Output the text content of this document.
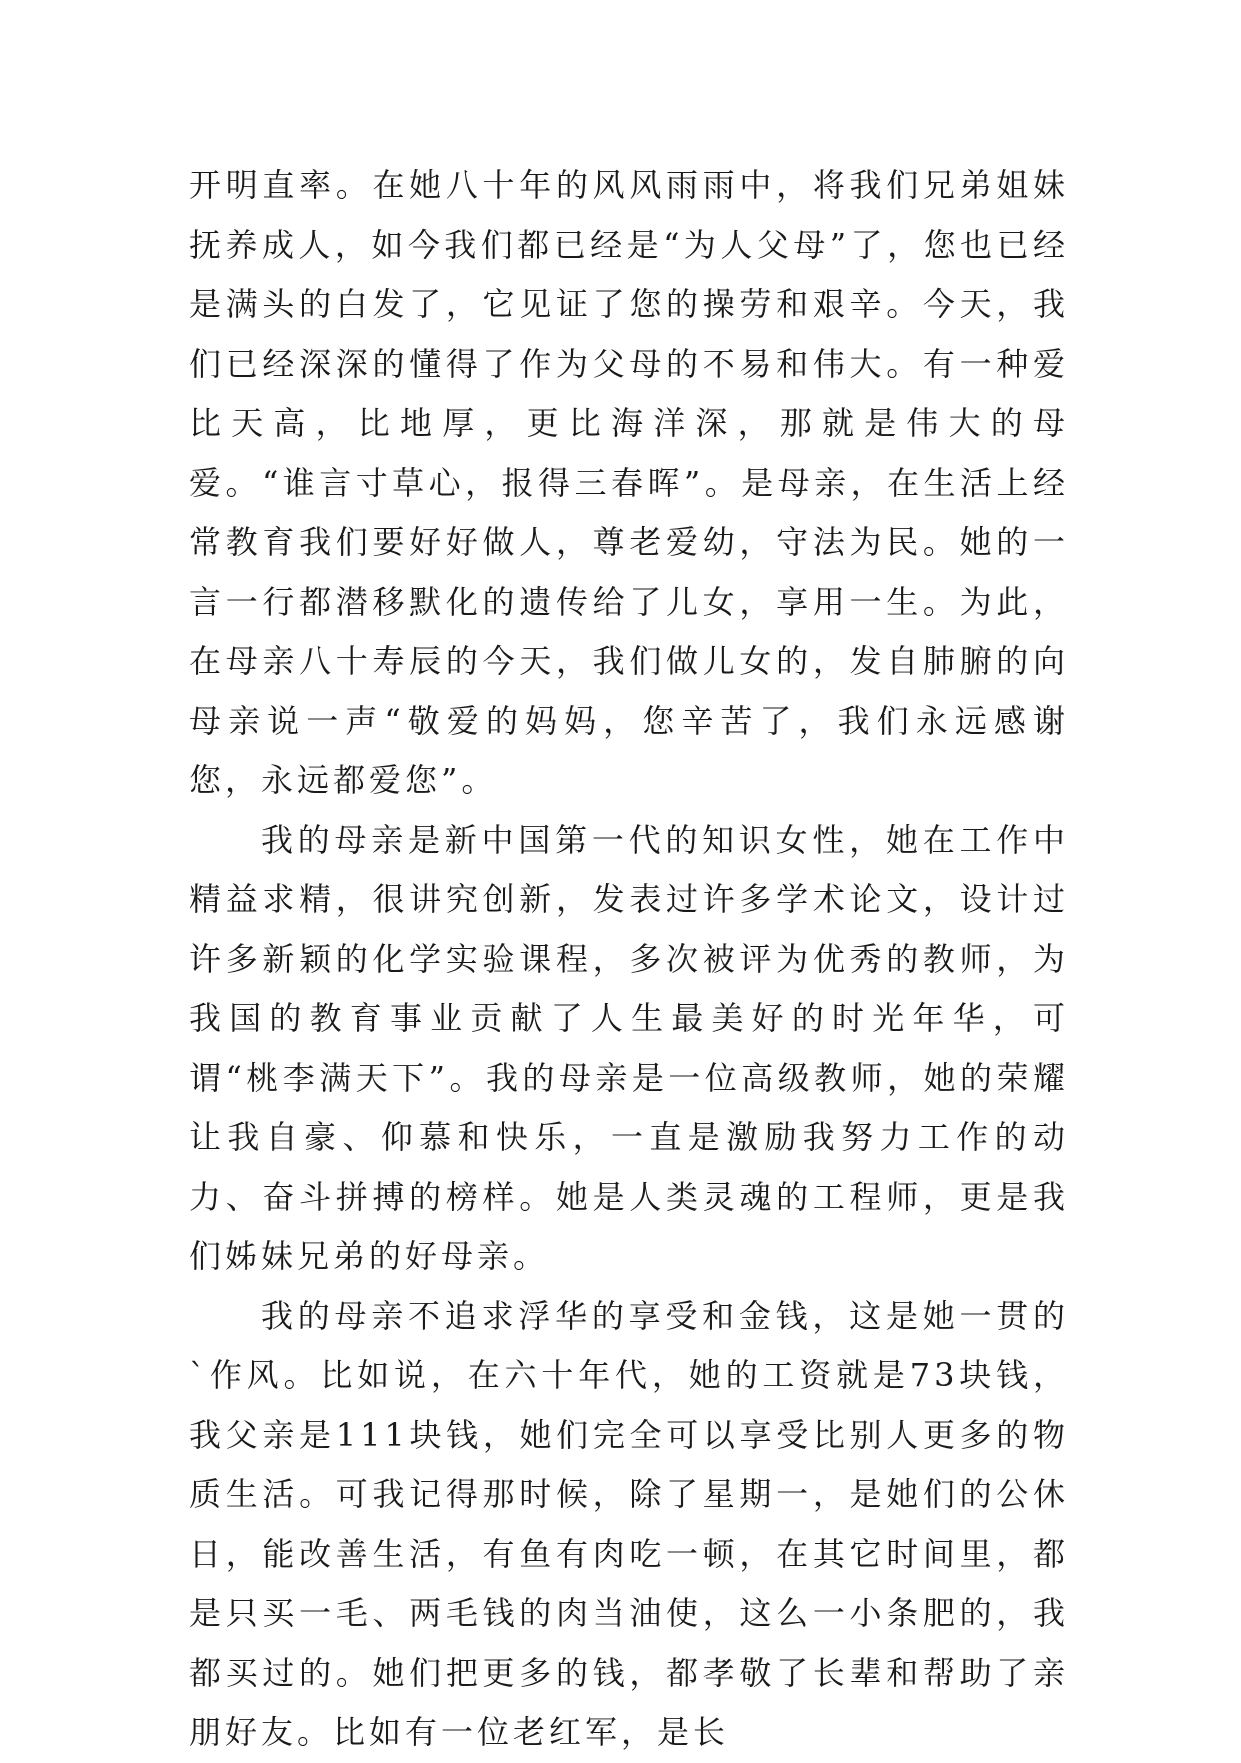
开明直率。在她八十年的风风雨雨中，将我们兄弟姐妹抚养成人，如今我们都已经是“为人父母”了，您也已经是满头的白发了，它见证了您的操劳和艰辛。今天，我们已经深深的懂得了作为父母的不易和伟大。有一种爱比天高，比地厚，更比海洋深，那就是伟大的母爱。“谁言寸草心，报得三春晖”。是母亲，在生活上经常教育我们要好好做人，尊老爱幼，守法为民。她的一言一行都潜移默化的遗传给了儿女，享用一生。为此，在母亲八十寿辰的今天，我们做儿女的，发自肺腑的向母亲说一声“敬爱的妈妈，您辛苦了，我们永远感谢您，永远都爱您”。

我的母亲是新中国第一代的知识女性，她在工作中精益求精，很讲究创新，发表过许多学术论文，设计过许多新颖的化学实验课程，多次被评为优秀的教师，为我国的教育事业贡献了人生最美好的时光年华，可谓“桃李满天下”。我的母亲是一位高级教师，她的荣耀让我自豪、仰慕和快乐，一直是激励我努力工作的动力、奋斗拼搏的榜样。她是人类灵魂的工程师，更是我们姊妹兄弟的好母亲。

我的母亲不追求浮华的享受和金钱，这是她一贯的`作风。比如说，在六十年代，她的工资就是73块钱，我父亲是111块钱，她们完全可以享受比别人更多的物质生活。可我记得那时候，除了星期一，是她们的公休日，能改善生活，有鱼有肉吃一顿，在其它时间里，都是只买一毛、两毛钱的肉当油使，这么一小条肥的，我都买过的。她们把更多的钱，都孝敬了长辈和帮助了亲朋好友。比如有一位老红军，是长
